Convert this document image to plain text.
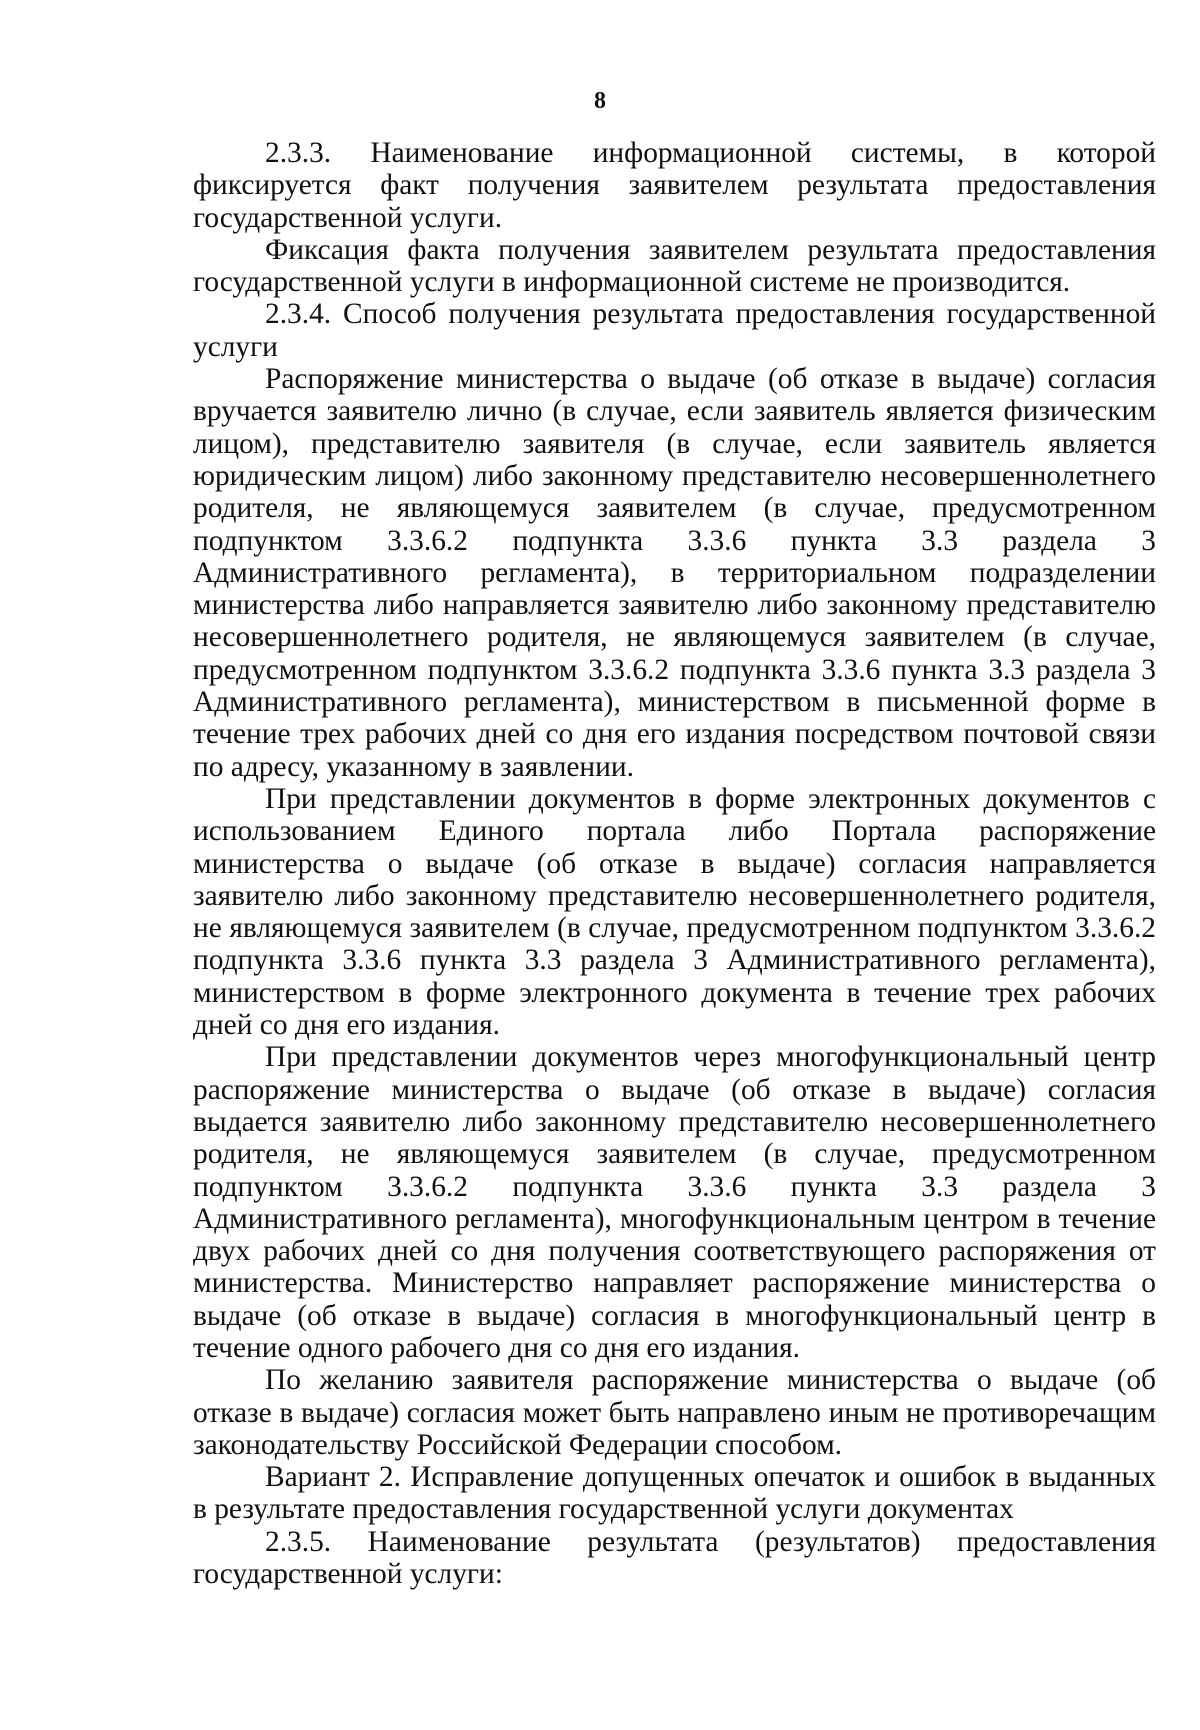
8

2.3.3. Наименование информационной системы, в которой фиксируется факт получения заявителем результата предоставления государственной услуги.

Фиксация факта получения заявителем результата предоставления государственной услуги в информационной системе не производится.

2.3.4. Способ получения результата предоставления государственной услуги

Распоряжение министерства о выдаче (об отказе в выдаче) согласия вручается заявителю лично (в случае, если заявитель является физическим лицом), представителю заявителя (в случае, если заявитель является юридическим лицом) либо законному представителю несовершеннолетнего родителя, не являющемуся заявителем (в случае, предусмотренном подпунктом 3.3.6.2 подпункта 3.3.6 пункта 3.3 раздела 3 Административного регламента), в территориальном подразделении министерства либо направляется заявителю либо законному представителю несовершеннолетнего родителя, не являющемуся заявителем (в случае, предусмотренном подпунктом 3.3.6.2 подпункта 3.3.6 пункта 3.3 раздела 3 Административного регламента), министерством в письменной форме в течение трех рабочих дней со дня его издания посредством почтовой связи по адресу, указанному в заявлении.

При представлении документов в форме электронных документов с использованием Единого портала либо Портала распоряжение министерства о выдаче (об отказе в выдаче) согласия направляется заявителю либо законному представителю несовершеннолетнего родителя, не являющемуся заявителем (в случае, предусмотренном подпунктом 3.3.6.2 подпункта 3.3.6 пункта 3.3 раздела 3 Административного регламента), министерством в форме электронного документа в течение трех рабочих дней со дня его издания.

При представлении документов через многофункциональный центр распоряжение министерства о выдаче (об отказе в выдаче) согласия выдается заявителю либо законному представителю несовершеннолетнего родителя, не являющемуся заявителем (в случае, предусмотренном подпунктом 3.3.6.2 подпункта 3.3.6 пункта 3.3 раздела 3 Административного регламента), многофункциональным центром в течение двух рабочих дней со дня получения соответствующего распоряжения от министерства. Министерство направляет распоряжение министерства о выдаче (об отказе в выдаче) согласия в многофункциональный центр в течение одного рабочего дня со дня его издания.

По желанию заявителя распоряжение министерства о выдаче (об отказе в выдаче) согласия может быть направлено иным не противоречащим законодательству Российской Федерации способом.

Вариант 2. Исправление допущенных опечаток и ошибок в выданных в результате предоставления государственной услуги документах

2.3.5. Наименование результата (результатов) предоставления государственной услуги:
